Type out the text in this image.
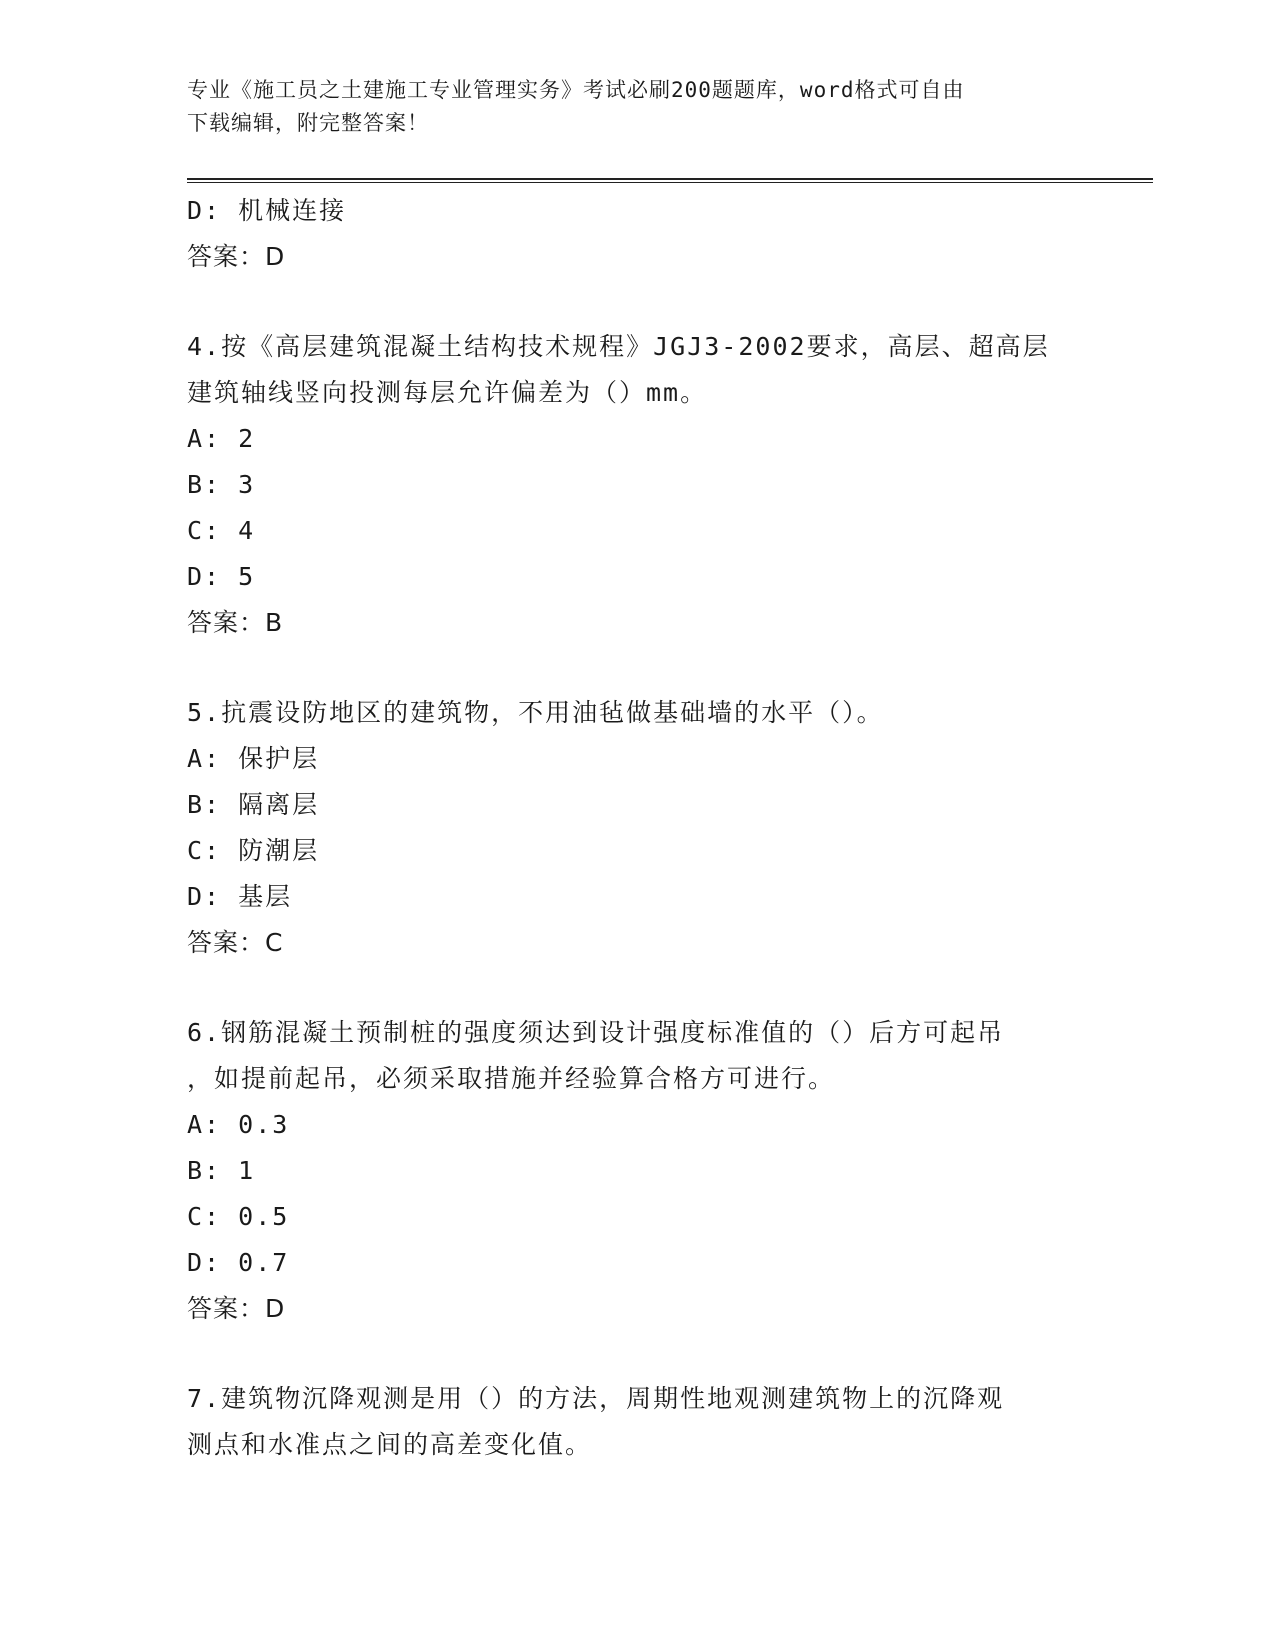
专业《施工员之土建施工专业管理实务》考试必刷200题题库，word格式可自由
下载编辑，附完整答案！
D: 机械连接
答案：D
4.按《高层建筑混凝土结构技术规程》JGJ3-2002要求，高层、超高层
建筑轴线竖向投测每层允许偏差为（）mm。
A: 2
B: 3
C: 4
D: 5
答案：B
5.抗震设防地区的建筑物，不用油毡做基础墙的水平（）。
A: 保护层
B: 隔离层
C: 防潮层
D: 基层
答案：C
6.钢筋混凝土预制桩的强度须达到设计强度标准值的（）后方可起吊
，如提前起吊，必须采取措施并经验算合格方可进行。
A: 0.3
B: 1
C: 0.5
D: 0.7
答案：D
7.建筑物沉降观测是用（）的方法，周期性地观测建筑物上的沉降观
测点和水准点之间的高差变化值。
